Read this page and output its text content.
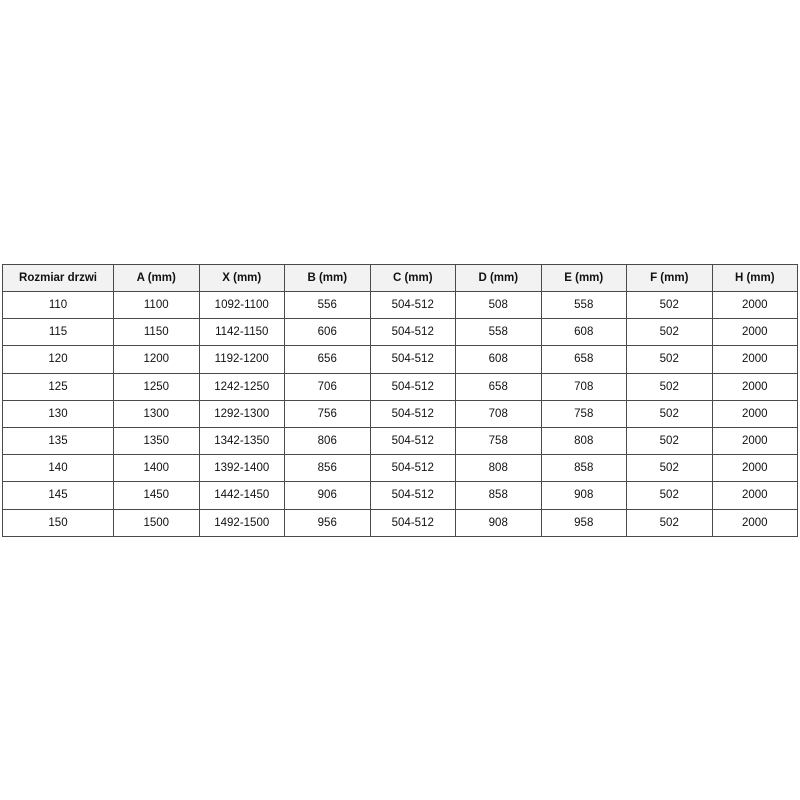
Rozmiar drzwi	A (mm)	X (mm)	B (mm)	C (mm)	D (mm)	E (mm)	F (mm)	H (mm)
110	1100	1092-1100	556	504-512	508	558	502	2000
115	1150	1142-1150	606	504-512	558	608	502	2000
120	1200	1192-1200	656	504-512	608	658	502	2000
125	1250	1242-1250	706	504-512	658	708	502	2000
130	1300	1292-1300	756	504-512	708	758	502	2000
135	1350	1342-1350	806	504-512	758	808	502	2000
140	1400	1392-1400	856	504-512	808	858	502	2000
145	1450	1442-1450	906	504-512	858	908	502	2000
150	1500	1492-1500	956	504-512	908	958	502	2000
